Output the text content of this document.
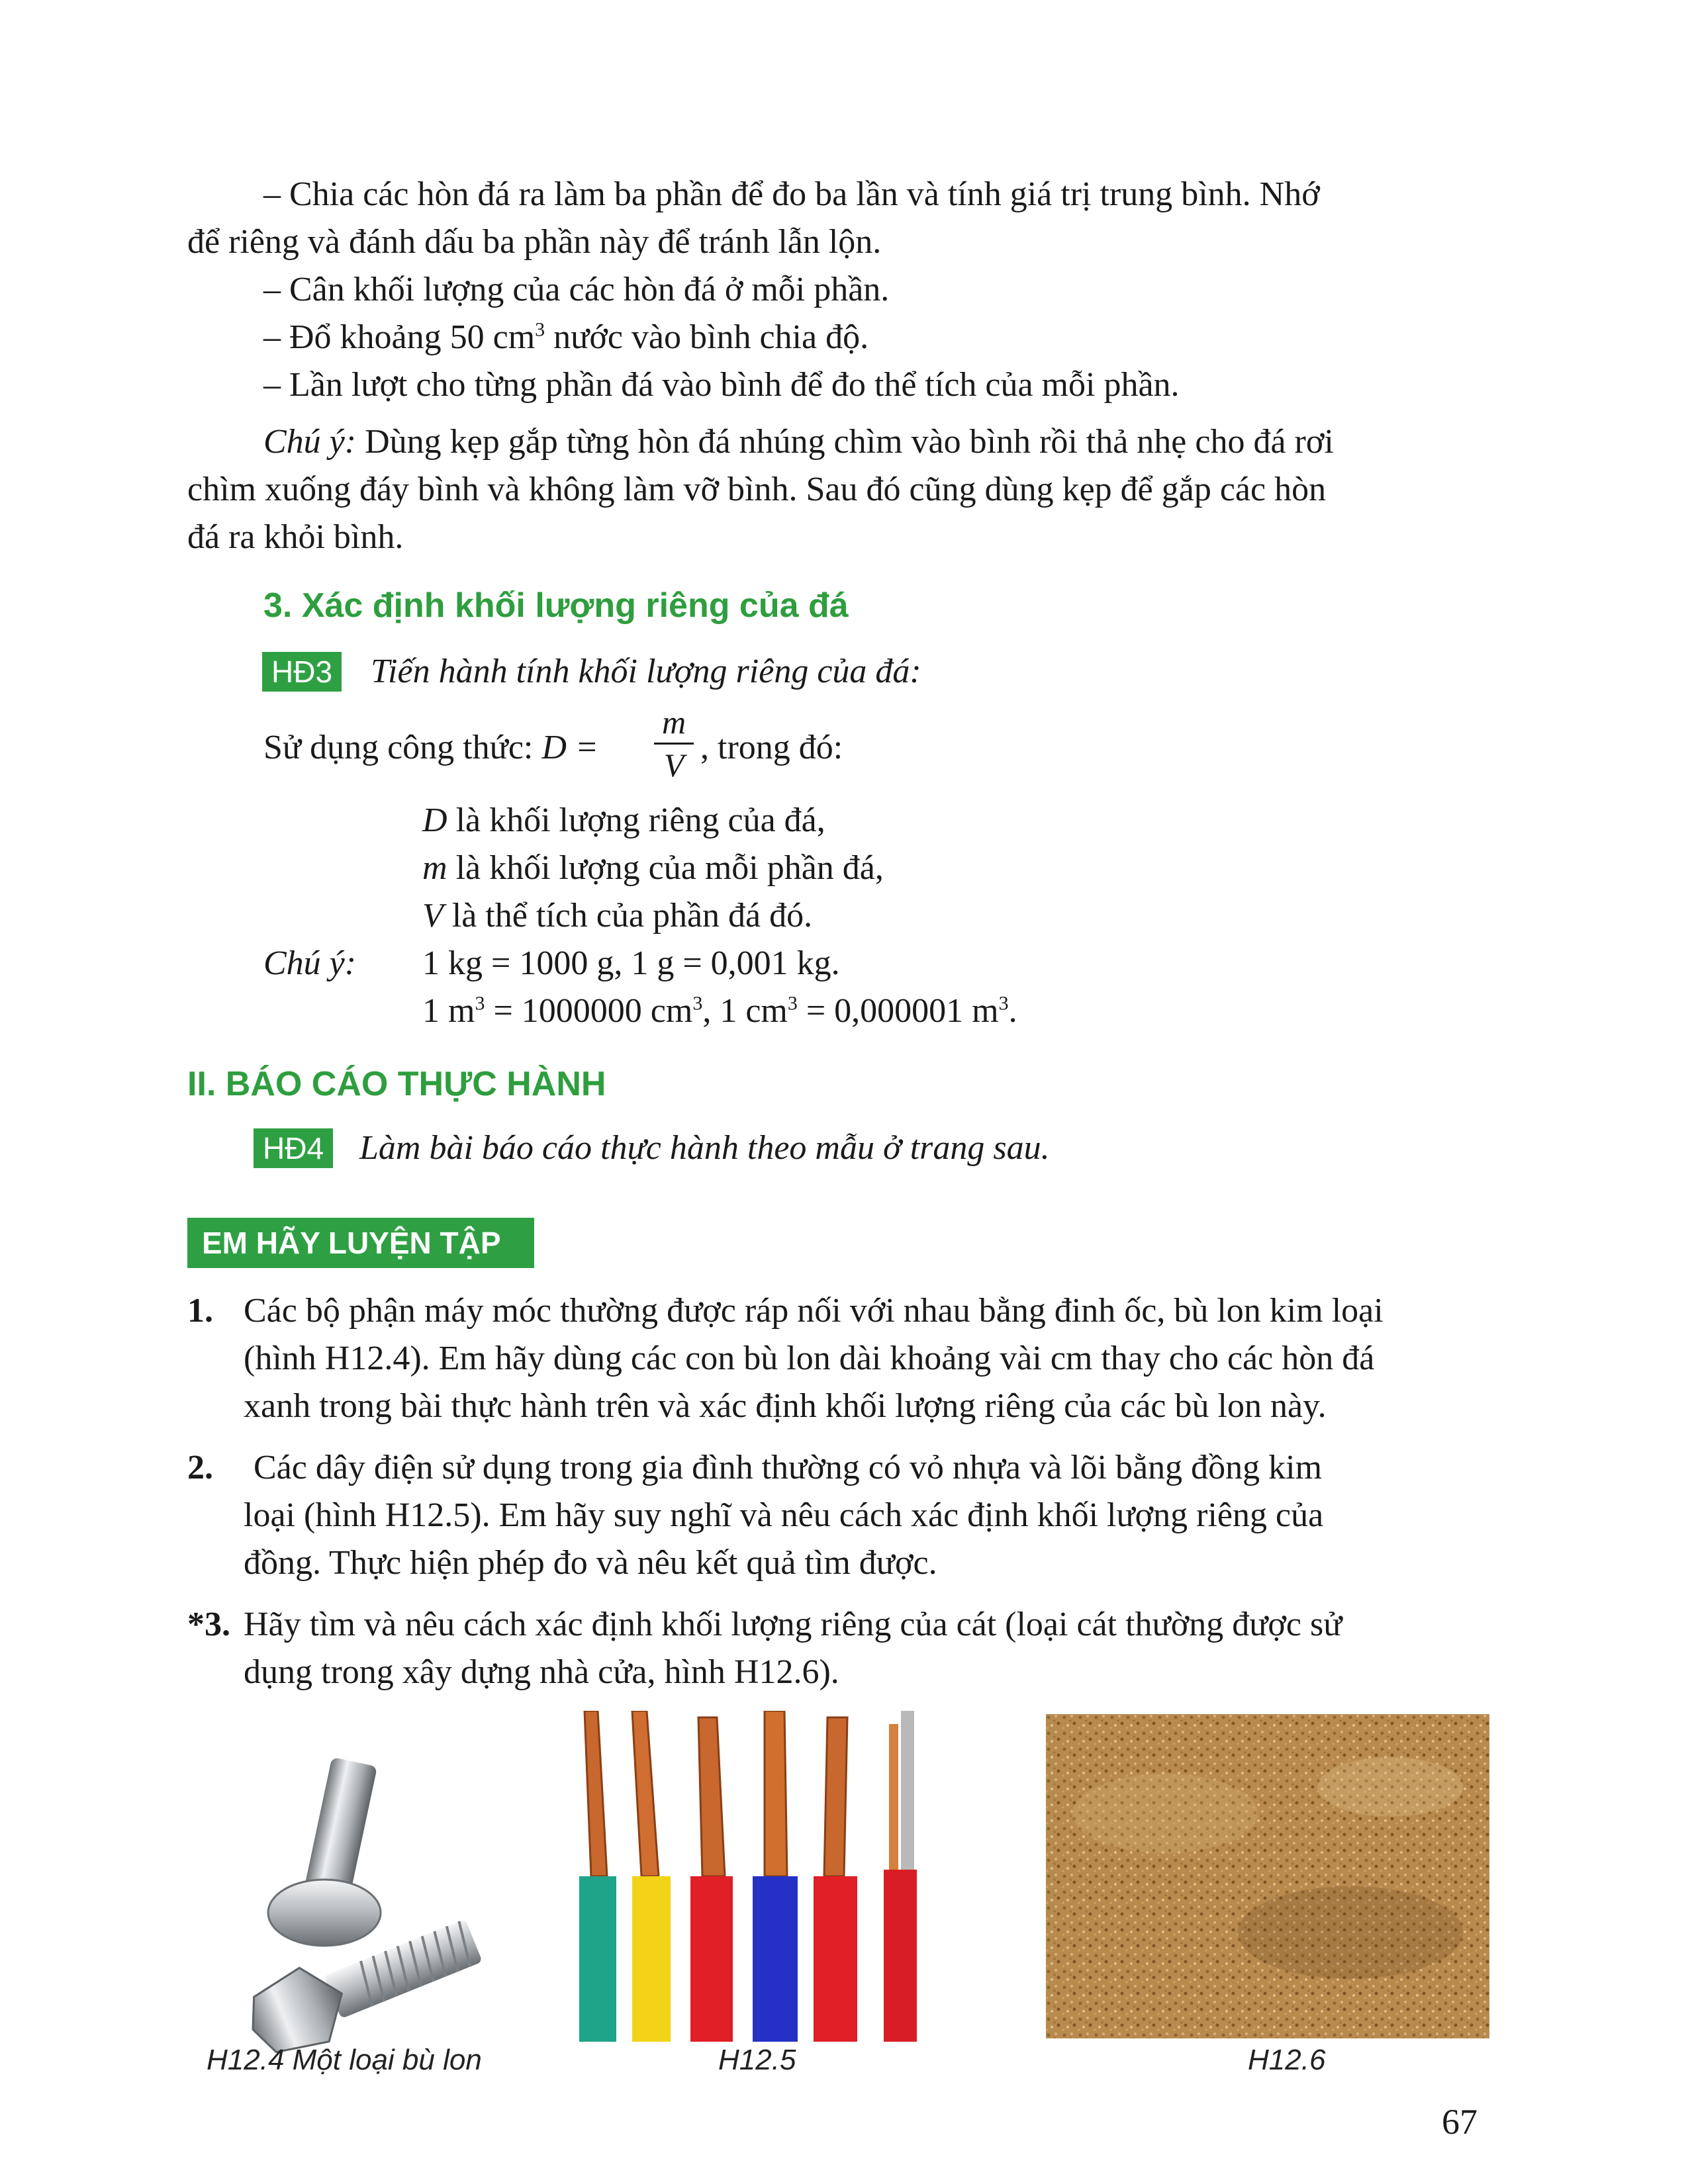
– Chia các hòn đá ra làm ba phần để đo ba lần và tính giá trị trung bình. Nhớ
để riêng và đánh dấu ba phần này để tránh lẫn lộn.
– Cân khối lượng của các hòn đá ở mỗi phần.
– Đổ khoảng 50 $cm^3$ nước vào bình chia độ.
– Lần lượt cho từng phần đá vào bình để đo thể tích của mỗi phần.
Chú ý: Dùng kẹp gắp từng hòn đá nhúng chìm vào bình rồi thả nhẹ cho đá rơi
chìm xuống đáy bình và không làm vỡ bình. Sau đó cũng dùng kẹp để gắp các hòn
đá ra khỏi bình.
3. Xác định khối lượng riêng của đá
HĐ3 Tiến hành tính khối lượng riêng của đá:
Sử dụng công thức: D =
m
V , trong đó:
D là khối lượng riêng của đá,
m là khối lượng của mỗi phần đá,
V là thể tích của phần đá đó.
Chú ý: 1 kg = 1000 g, 1 g = 0,001 kg.
1 $m^3 = 1000000$ $cm^3$, 1 $cm^3 = 0,000001$ $m^3$.
II. BÁO CÁO THỰC HÀNH
HĐ4 Làm bài báo cáo thực hành theo mẫu ở trang sau.
EM HÃY LUYỆN TẬP
1. Các bộ phận máy móc thường được ráp nối với nhau bằng đinh ốc, bù lon kim loại
(hình H12.4). Em hãy dùng các con bù lon dài khoảng vài cm thay cho các hòn đá
xanh trong bài thực hành trên và xác định khối lượng riêng của các bù lon này.
2. Các dây điện sử dụng trong gia đình thường có vỏ nhựa và lõi bằng đồng kim
loại (hình H12.5). Em hãy suy nghĩ và nêu cách xác định khối lượng riêng của
đồng. Thực hiện phép đo và nêu kết quả tìm được.
*3. Hãy tìm và nêu cách xác định khối lượng riêng của cát (loại cát thường được sử
dụng trong xây dựng nhà cửa, hình H12.6).
H12.4 Một loại bù lon	H12.5	H12.6
67
